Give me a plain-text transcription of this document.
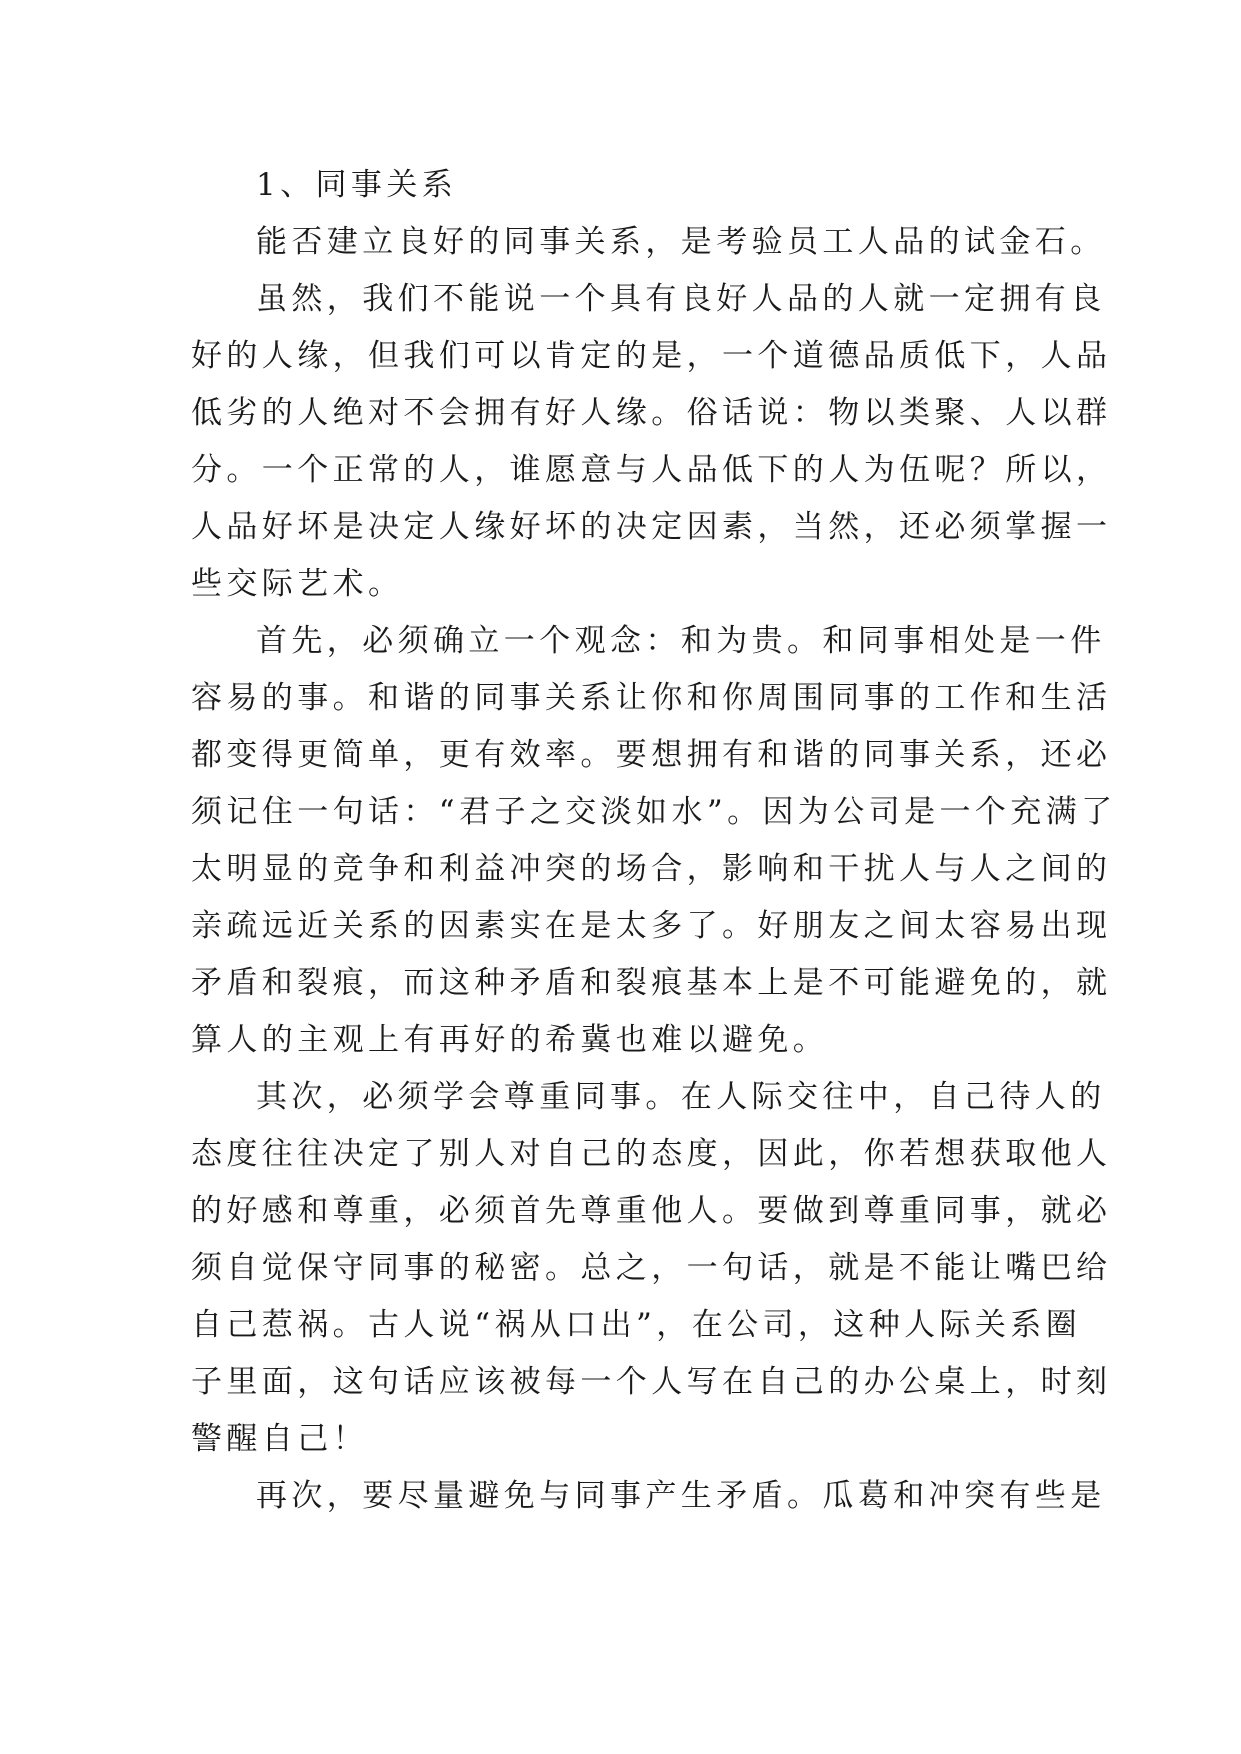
1、同事关系

能否建立良好的同事关系，是考验员工人品的试金石。

虽然，我们不能说一个具有良好人品的人就一定拥有良

好的人缘，但我们可以肯定的是，一个道德品质低下，人品

低劣的人绝对不会拥有好人缘。俗话说：物以类聚、人以群

分。一个正常的人，谁愿意与人品低下的人为伍呢？所以，

人品好坏是决定人缘好坏的决定因素，当然，还必须掌握一

些交际艺术。

首先，必须确立一个观念：和为贵。和同事相处是一件

容易的事。和谐的同事关系让你和你周围同事的工作和生活

都变得更简单，更有效率。要想拥有和谐的同事关系，还必

须记住一句话：“君子之交淡如水”。因为公司是一个充满了

太明显的竞争和利益冲突的场合，影响和干扰人与人之间的

亲疏远近关系的因素实在是太多了。好朋友之间太容易出现

矛盾和裂痕，而这种矛盾和裂痕基本上是不可能避免的，就

算人的主观上有再好的希冀也难以避免。

其次，必须学会尊重同事。在人际交往中，自己待人的

态度往往决定了别人对自己的态度，因此，你若想获取他人

的好感和尊重，必须首先尊重他人。要做到尊重同事，就必

须自觉保守同事的秘密。总之，一句话，就是不能让嘴巴给

自己惹祸。古人说“祸从口出”，在公司，这种人际关系圈

子里面，这句话应该被每一个人写在自己的办公桌上，时刻

警醒自己！

再次，要尽量避免与同事产生矛盾。瓜葛和冲突有些是
